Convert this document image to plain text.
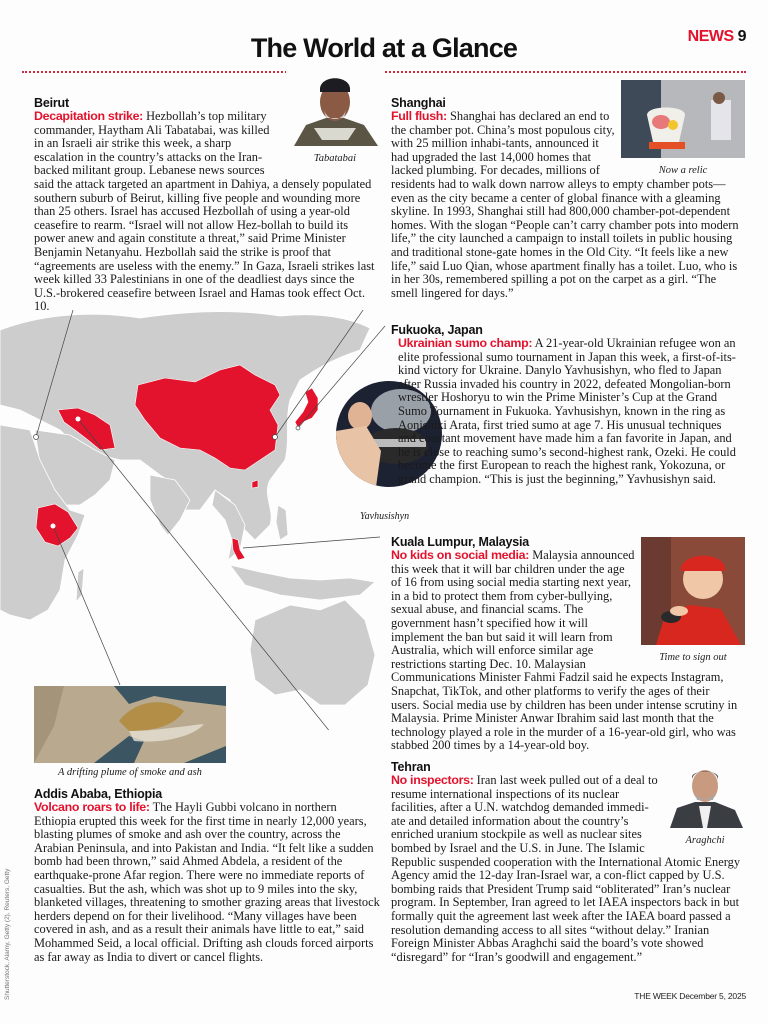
The World at a Glance	NEWS 9
A drifting plume of smoke and ash
Yavhusishyn
Tabatabai
Beirut

Decapitation strike: Hezbollah’s top military commander, Haytham Ali Tabatabai, was killed in an Israeli air strike this week, a sharp escalation in the country’s attacks on the Iran-backed militant group. Lebanese news sources said the attack targeted an apartment in Dahiya, a densely populated southern suburb of Beirut, killing five people and wounding more than 25 others. Israel has accused Hezbollah of using a year-old ceasefire to rearm. “Israel will not allow Hez-bollah to build its power anew and again constitute a threat,” said Prime Minister Benjamin Netanyahu. Hezbollah said the strike is proof that “agreements are useless with the enemy.” In Gaza, Israeli strikes last week killed 33 Palestinians in one of the deadliest days since the U.S.-brokered ceasefire between Israel and Hamas took effect Oct. 10.

Now a relic
Shanghai

Full flush: Shanghai has declared an end to the chamber pot. China’s most populous city, with 25 million inhabi-tants, announced it had upgraded the last 14,000 homes that lacked plumbing. For decades, millions of residents had to walk down narrow alleys to empty chamber pots—even as the city became a center of global finance with a gleaming skyline. In 1993, Shanghai still had 800,000 chamber-pot-dependent homes. With the slogan “People can’t carry chamber pots into modern life,” the city launched a campaign to install toilets in public housing and traditional stone-gate homes in the Old City. “It feels like a new life,” said Luo Qian, whose apartment finally has a toilet. Luo, who is in her 30s, remembered spilling a pot on the carpet as a girl. “The smell lingered for days.”

Fukuoka, Japan

Ukrainian sumo champ: A 21-year-old Ukrainian refugee won an elite professional sumo tournament in Japan this week, a first-of-its-kind victory for Ukraine. Danylo Yavhusishyn, who fled to Japan after Russia invaded his country in 2022, defeated Mongolian-born wrestler Hoshoryu to win the Prime Minister’s Cup at the Grand Sumo Tournament in Fukuoka. Yavhusishyn, known in the ring as Aonishiki Arata, first tried sumo at age 7. His unusual techniques and constant movement have made him a fan favorite in Japan, and he is close to reaching sumo’s second-highest rank, Ozeki. He could become the first European to reach the highest rank, Yokozuna, or grand champion. “This is just the beginning,” Yavhusishyn said.

Time to sign out
Kuala Lumpur, Malaysia

No kids on social media: Malaysia announced this week that it will bar children under the age of 16 from using social media starting next year, in a bid to protect them from cyber-bullying, sexual abuse, and financial scams. The government hasn’t specified how it will implement the ban but said it will learn from Australia, which will enforce similar age restrictions starting Dec. 10. Malaysian Communications Minister Fahmi Fadzil said he expects Instagram, Snapchat, TikTok, and other platforms to verify the ages of their users. Social media use by children has been under intense scrutiny in Malaysia. Prime Minister Anwar Ibrahim said last month that the technology played a role in the murder of a 16-year-old girl, who was stabbed 200 times by a 14-year-old boy.

Araghchi
Tehran

No inspectors: Iran last week pulled out of a deal to resume international inspections of its nuclear facilities, after a U.N. watchdog demanded immedi-ate and detailed information about the country’s enriched uranium stockpile as well as nuclear sites bombed by Israel and the U.S. in June. The Islamic Republic suspended cooperation with the International Atomic Energy Agency amid the 12-day Iran-Israel war, a con-flict capped by U.S. bombing raids that President Trump said “obliterated” Iran’s nuclear program. In September, Iran agreed to let IAEA inspectors back in but formally quit the agreement last week after the IAEA board passed a resolution demanding access to all sites “without delay.” Iranian Foreign Minister Abbas Araghchi said the board’s vote showed “disregard” for “Iran’s goodwill and engagement.”

Addis Ababa, Ethiopia

Volcano roars to life: The Hayli Gubbi volcano in northern Ethiopia erupted this week for the first time in nearly 12,000 years, blasting plumes of smoke and ash over the country, across the Arabian Peninsula, and into Pakistan and India. “It felt like a sudden bomb had been thrown,” said Ahmed Abdela, a resident of the earthquake-prone Afar region. There were no immediate reports of casualties. But the ash, which was shot up to 9 miles into the sky, blanketed villages, threatening to smother grazing areas that livestock herders depend on for their livelihood. “Many villages have been covered in ash, and as a result their animals have little to eat,” said Mohammed Seid, a local official. Drifting ash clouds forced airports as far away as India to divert or cancel flights.

Shutterstock, Alamy, Getty (2), Reuters, Getty	THE WEEK December 5, 2025
